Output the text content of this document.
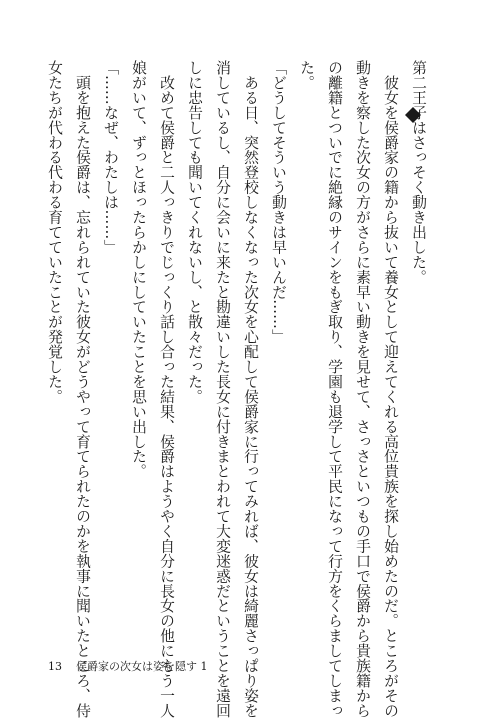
第二王子はさっそく動き出した。
　彼女を侯爵家の籍から抜いて養女として迎えてくれる高位貴族を探し始めたのだ。ところがその
動きを察した次女の方がさらに素早い動きを見せて、さっさといつもの手口で侯爵から貴族籍から
の離籍とついでに絶縁のサインをもぎ取り、学園も退学して平民になって行方をくらましてしまっ
た。
「どうしてそういう動きは早いんだ……」
　ある日、突然登校しなくなった次女を心配して侯爵家に行ってみれば、彼女は綺麗さっぱり姿を
消しているし、自分に会いに来たと勘違いした長女に付きまとわれて大変迷惑だということを遠回
しに忠告しても聞いてくれないし、と散々だった。
　改めて侯爵と二人っきりでじっくり話し合った結果、侯爵はようやく自分に長女の他にもう一人
娘がいて、ずっとほったらかしにしていたことを思い出した。
「……なぜ、わたしは……」
　頭を抱えた侯爵は、忘れられていた彼女がどうやって育てられたのかを執事に聞いたところ、侍
女たちが代わる代わる育てていたことが発覚した。
13 侯爵家の次女は姿を隠す 1
